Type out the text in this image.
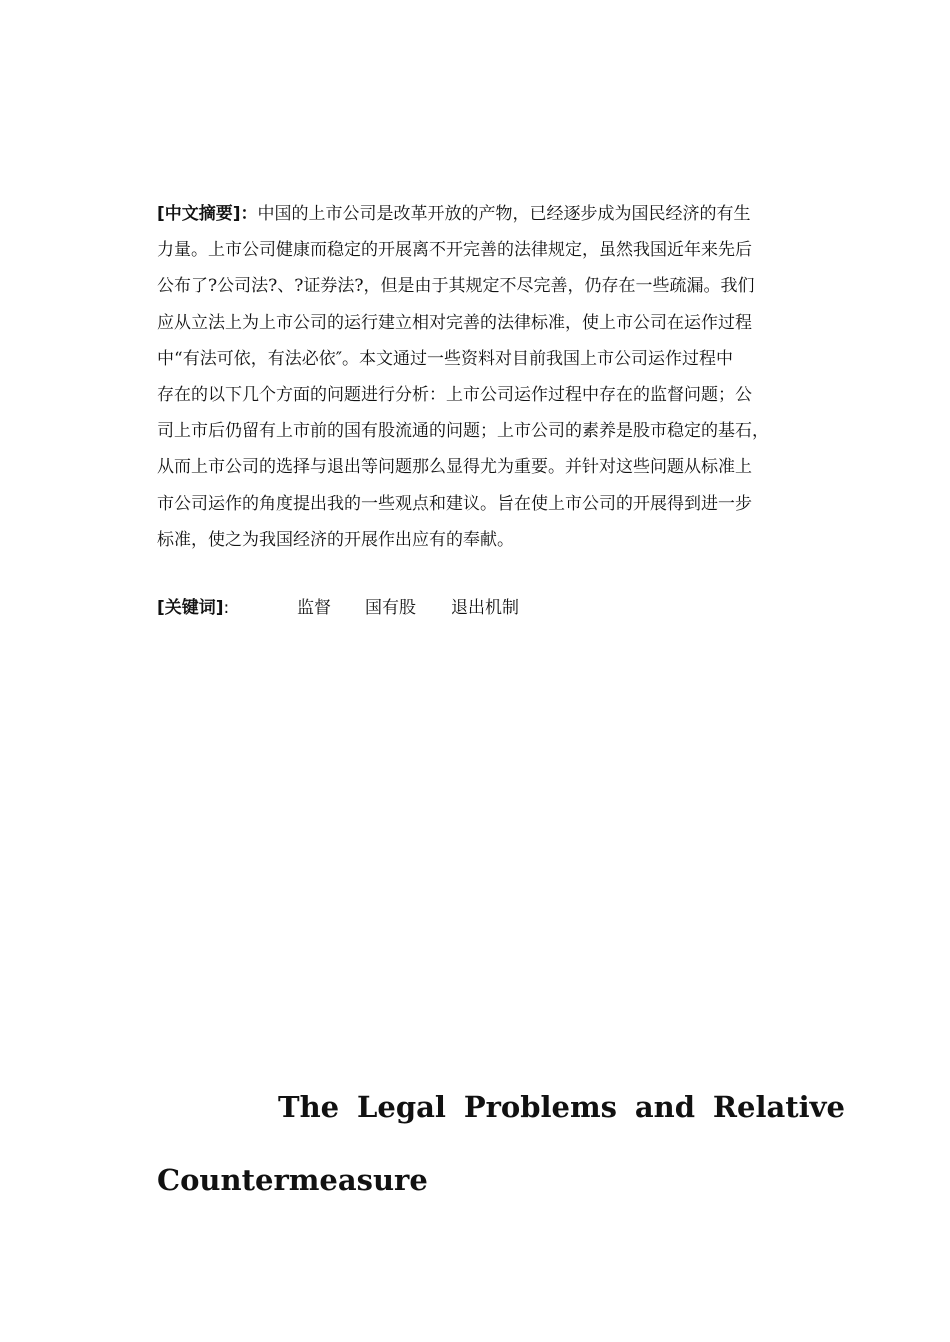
[中文摘要]：中国的上市公司是改革开放的产物，已经逐步成为国民经济的有生
力量。上市公司健康而稳定的开展离不开完善的法律规定，虽然我国近年来先后
公布了?公司法?、?证券法?，但是由于其规定不尽完善，仍存在一些疏漏。我们
应从立法上为上市公司的运行建立相对完善的法律标准，使上市公司在运作过程
中“有法可依，有法必依″。本文通过一些资料对目前我国上市公司运作过程中
存在的以下几个方面的问题进行分析：上市公司运作过程中存在的监督问题；公
司上市后仍留有上市前的国有股流通的问题；上市公司的素养是股市稳定的基石，
从而上市公司的选择与退出等问题那么显得尤为重要。并针对这些问题从标准上
市公司运作的角度提出我的一些观点和建议。旨在使上市公司的开展得到进一步
标准，使之为我国经济的开展作出应有的奉献。
[关键词]:	监督 国有股 退出机制
The Legal Problems and Relative
Countermeasure
